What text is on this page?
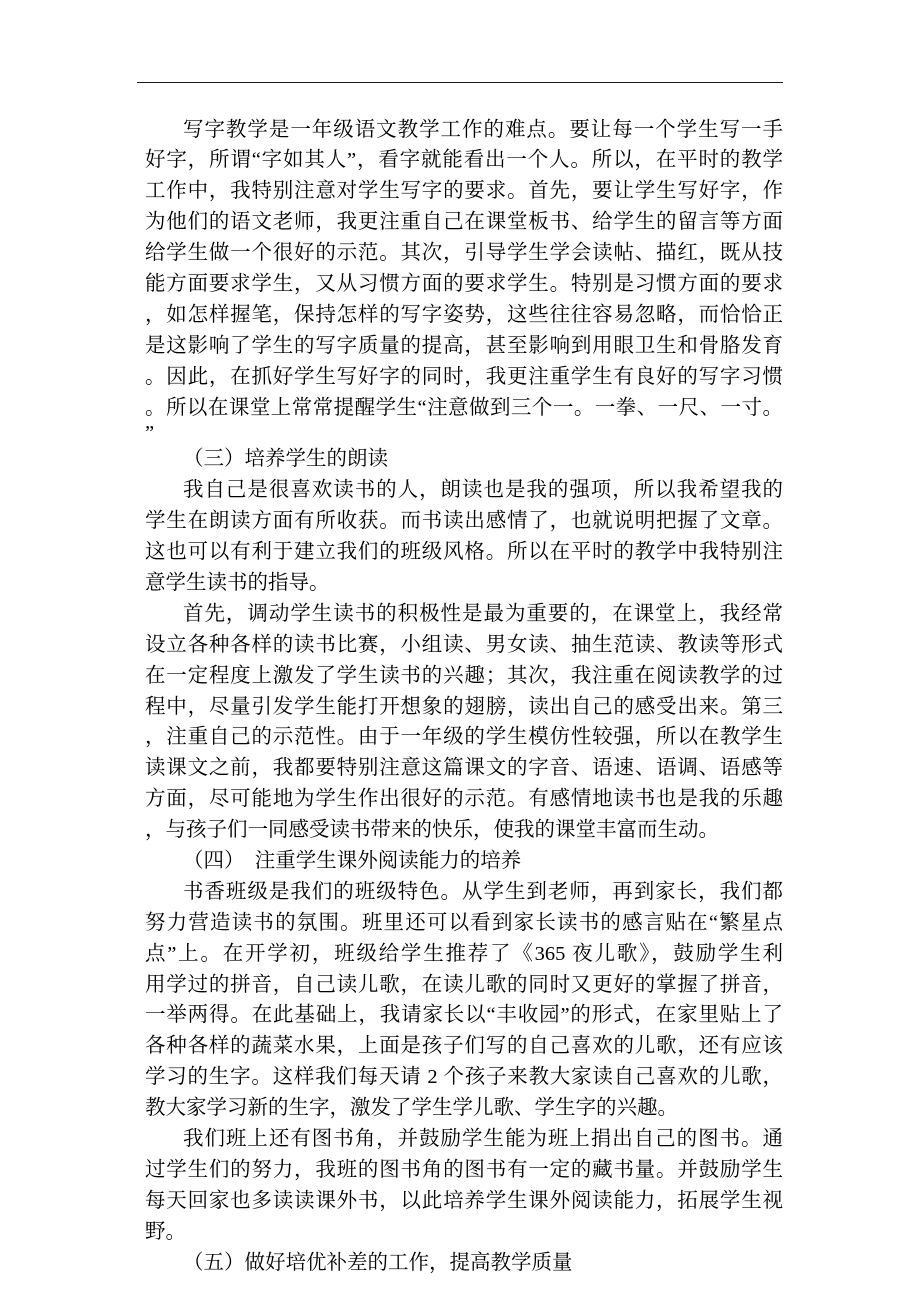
写字教学是一年级语文教学工作的难点。要让每一个学生写一手
好字，所谓“字如其人”，看字就能看出一个人。所以，在平时的教学
工作中，我特别注意对学生写字的要求。首先，要让学生写好字，作
为他们的语文老师，我更注重自己在课堂板书、给学生的留言等方面
给学生做一个很好的示范。其次，引导学生学会读帖、描红，既从技
能方面要求学生，又从习惯方面的要求学生。特别是习惯方面的要求
，如怎样握笔，保持怎样的写字姿势，这些往往容易忽略，而恰恰正
是这影响了学生的写字质量的提高，甚至影响到用眼卫生和骨胳发育
。因此，在抓好学生写好字的同时，我更注重学生有良好的写字习惯
。所以在课堂上常常提醒学生“注意做到三个一。一拳、一尺、一寸。
”
（三）培养学生的朗读
我自己是很喜欢读书的人，朗读也是我的强项，所以我希望我的
学生在朗读方面有所收获。而书读出感情了，也就说明把握了文章。
这也可以有利于建立我们的班级风格。所以在平时的教学中我特别注
意学生读书的指导。
首先，调动学生读书的积极性是最为重要的，在课堂上，我经常
设立各种各样的读书比赛，小组读、男女读、抽生范读、教读等形式
在一定程度上激发了学生读书的兴趣；其次，我注重在阅读教学的过
程中，尽量引发学生能打开想象的翅膀，读出自己的感受出来。第三
，注重自己的示范性。由于一年级的学生模仿性较强，所以在教学生
读课文之前，我都要特别注意这篇课文的字音、语速、语调、语感等
方面，尽可能地为学生作出很好的示范。有感情地读书也是我的乐趣
，与孩子们一同感受读书带来的快乐，使我的课堂丰富而生动。
（四）  注重学生课外阅读能力的培养
书香班级是我们的班级特色。从学生到老师，再到家长，我们都
努力营造读书的氛围。班里还可以看到家长读书的感言贴在“繁星点
点”上。在开学初，班级给学生推荐了《365 夜儿歌》，鼓励学生利
用学过的拼音，自己读儿歌，在读儿歌的同时又更好的掌握了拼音，
一举两得。在此基础上，我请家长以“丰收园”的形式，在家里贴上了
各种各样的蔬菜水果，上面是孩子们写的自己喜欢的儿歌，还有应该
学习的生字。这样我们每天请 2 个孩子来教大家读自己喜欢的儿歌，
教大家学习新的生字，激发了学生学儿歌、学生字的兴趣。
我们班上还有图书角，并鼓励学生能为班上捐出自己的图书。通
过学生们的努力，我班的图书角的图书有一定的藏书量。并鼓励学生
每天回家也多读读课外书，以此培养学生课外阅读能力，拓展学生视
野。
（五）做好培优补差的工作，提高教学质量
